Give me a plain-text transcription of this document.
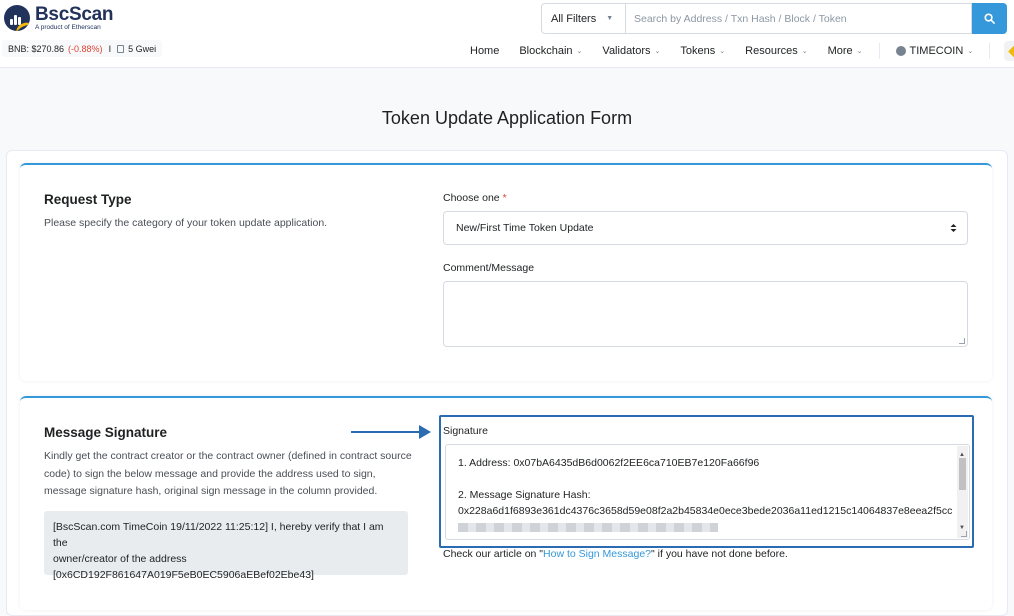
BscScan
A product of Etherscan
BNB: $270.86 (-0.88%) I 5 Gwei
All Filters ▼
Search by Address / Txn Hash / Block / Token
Home Blockchain ⌄ Validators ⌄ Tokens ⌄ Resources ⌄ More ⌄	TIMECOIN ⌄
Token Update Application Form
Request Type
Please specify the category of your token update application.
Choose one *
New/First Time Token Update
Comment/Message
Message Signature
Kindly get the contract creator or the contract owner (defined in contract source code) to sign the below message and provide the address used to sign, message signature hash, original sign message in the column provided.
[BscScan.com TimeCoin 19/11/2022 11:25:12] I, hereby verify that I am the
owner/creator of the address
[0x6CD192F861647A019F5eB0EC5906aEBef02Ebe43]
Signature
1. Address: 0x07bA6435dB6d0062f2EE6ca710EB7e120Fa66f96
2. Message Signature Hash:
0x228a6d1f6893e361dc4376c3658d59e08f2a2b45834e0ece3bede2036a11ed1215c14064837e8eea2f5cc
▲
▼
Check our article on "How to Sign Message?" if you have not done before.
